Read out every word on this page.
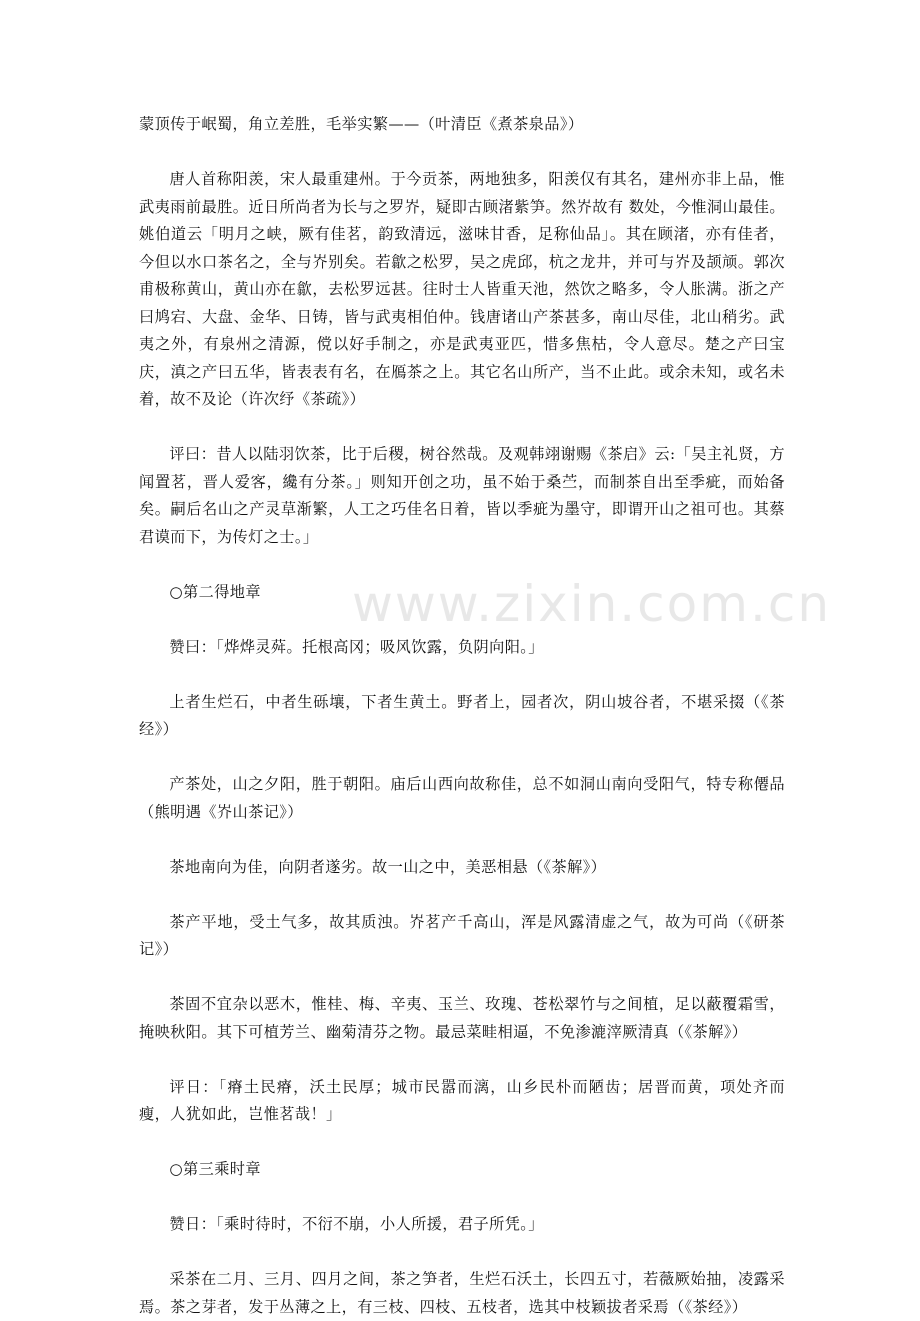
www.zixin.com.cn

蒙顶传于岷蜀，角立差胜，毛举实繁——（叶清臣《煮茶泉品》）

唐人首称阳羡，宋人最重建州。于今贡茶，两地独多，阳羡仅有其名，建州亦非上品，惟武夷雨前最胜。近日所尚者为长与之罗岕，疑即古顾渚紫笋。然岕故有 数处，今惟洞山最佳。姚伯道云「明月之峡，厥有佳茗，韵致清远，滋味甘香，足称仙品」。其在顾渚，亦有佳者，今但以水口茶名之，全与岕别矣。若歙之松罗，吴之虎邱，杭之龙井，并可与岕及颉颃。郭次甫极称黄山，黄山亦在歙，去松罗远甚。往时士人皆重天池，然饮之略多，令人胀满。浙之产曰鸠宕、大盘、金华、日铸，皆与武夷相伯仲。钱唐诸山产茶甚多，南山尽佳，北山稍劣。武夷之外，有泉州之清源，傥以好手制之，亦是武夷亚匹，惜多焦枯，令人意尽。楚之产曰宝庆，滇之产曰五华，皆表表有名，在鴈茶之上。其它名山所产，当不止此。或余未知，或名未着，故不及论（许次纾《茶疏》）

评曰：昔人以陆羽饮茶，比于后稷，树谷然哉。及观韩翊谢赐《茶启》云:「吴主礼贤，方闻置茗，晋人爱客，纔有分茶。」则知开创之功，虽不始于桑苎，而制茶自出至季疵，而始备矣。嗣后名山之产灵草渐繁，人工之巧佳名日着，皆以季疵为墨守，即谓开山之祖可也。其蔡君谟而下，为传灯之士。」

○第二得地章

赞曰：「烨烨灵荈。托根高冈；吸风饮露，负阴向阳。」

上者生烂石，中者生砾壤，下者生黄土。野者上，园者次，阴山坡谷者，不堪采掇（《茶经》）

产茶处，山之夕阳，胜于朝阳。庙后山西向故称佳，总不如洞山南向受阳气，特专称僊品（熊明遇《岕山茶记》）

茶地南向为佳，向阴者遂劣。故一山之中，美恶相悬（《茶解》）

茶产平地，受土气多，故其质浊。岕茗产千高山，浑是风露清虚之气，故为可尚（《研茶记》）

茶固不宜杂以恶木，惟桂、梅、辛夷、玉兰、玫瑰、苍松翠竹与之间植，足以蔽覆霜雪，掩映秋阳。其下可植芳兰、幽菊清芬之物。最忌菜畦相逼，不免渗漉滓厥清真（《茶解》）

评日：「瘠土民瘠，沃土民厚；城市民嚣而漓，山乡民朴而陋齿；居晋而黄，项处齐而瘦，人犹如此，岂惟茗哉！」

○第三乘时章

赞日：「乘时待时，不衍不崩，小人所援，君子所凭。」

采茶在二月、三月、四月之间，茶之笋者，生烂石沃土，长四五寸，若薇厥始抽，凌露采焉。茶之芽者，发于丛薄之上，有三枝、四枝、五枝者，选其中枝颖拔者采焉（《茶经》）
